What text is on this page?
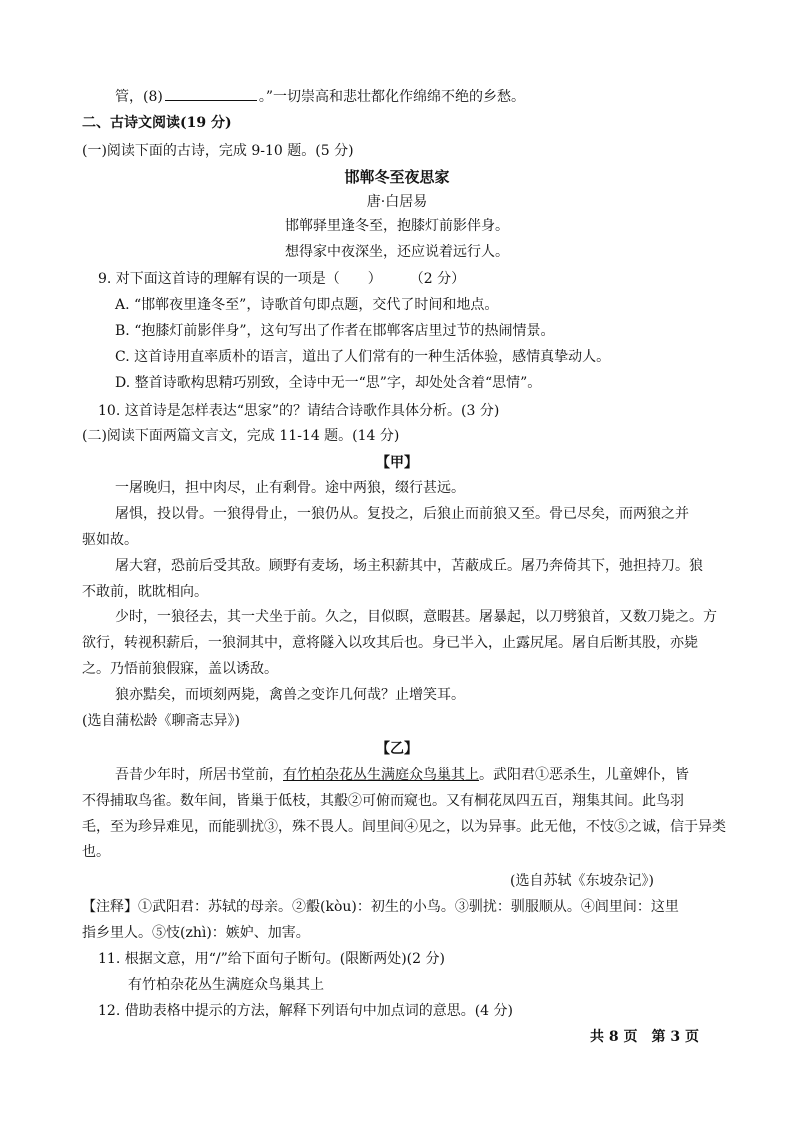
管，(8)	。”一切崇高和悲壮都化作绵绵不绝的乡愁。
二、古诗文阅读(19 分)
(一)阅读下面的古诗，完成 9-10 题。(5 分)
邯郸冬至夜思家
唐·白居易
邯郸驿里逢冬至，抱膝灯前影伴身。
想得家中夜深坐，还应说着远行人。
9. 对下面这首诗的理解有误的一项是（　　）　　　（2 分）
A. “邯郸夜里逢冬至”，诗歌首句即点题，交代了时间和地点。
B. “抱膝灯前影伴身”，这句写出了作者在邯郸客店里过节的热闹情景。
C. 这首诗用直率质朴的语言，道出了人们常有的一种生活体验，感情真挚动人。
D. 整首诗歌构思精巧别致，全诗中无一“思”字，却处处含着“思情”。
10. 这首诗是怎样表达“思家”的？请结合诗歌作具体分析。(3 分)
(二)阅读下面两篇文言文，完成 11-14 题。(14 分)
【甲】
一屠晚归，担中肉尽，止有剩骨。途中两狼，缀行甚远。
屠惧，投以骨。一狼得骨止，一狼仍从。复投之，后狼止而前狼又至。骨已尽矣，而两狼之并
驱如故。
屠大窘，恐前后受其敌。顾野有麦场，场主积薪其中，苫蔽成丘。屠乃奔倚其下，弛担持刀。狼
不敢前，眈眈相向。
少时，一狼径去，其一犬坐于前。久之，目似瞑，意暇甚。屠暴起，以刀劈狼首，又数刀毙之。方
欲行，转视积薪后，一狼洞其中，意将隧入以攻其后也。身已半入，止露尻尾。屠自后断其股，亦毙
之。乃悟前狼假寐，盖以诱敌。
狼亦黠矣，而顷刻两毙，禽兽之变诈几何哉？止增笑耳。
(选自蒲松龄《聊斋志异》)
【乙】
吾昔少年时，所居书堂前，有竹柏杂花丛生满庭众鸟巢其上。武阳君①恶杀生，儿童婢仆，皆
不得捕取鸟雀。数年间，皆巢于低枝，其鷇②可俯而窥也。又有桐花凤四五百，翔集其间。此鸟羽
毛，至为珍异难见，而能驯扰③，殊不畏人。闾里间④见之，以为异事。此无他，不忮⑤之诚，信于异类
也。
(选自苏轼《东坡杂记》)
【注释】①武阳君：苏轼的母亲。②鷇(kòu)：初生的小鸟。③驯扰：驯服顺从。④闾里间：这里
指乡里人。⑤忮(zhì)：嫉妒、加害。
11. 根据文意，用“/”给下面句子断句。(限断两处)(2 分)
有竹柏杂花丛生满庭众鸟巢其上
12. 借助表格中提示的方法，解释下列语句中加点词的意思。(4 分)
共 8 页　第 3 页
